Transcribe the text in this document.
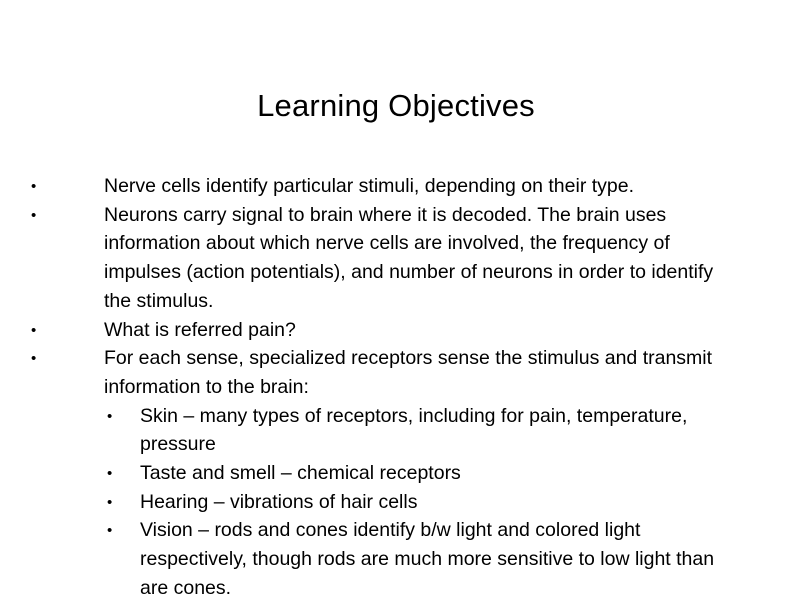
Learning Objectives
•	Nerve cells identify particular stimuli, depending on their type.
•	Neurons carry signal to brain where it is decoded. The brain uses information about which nerve cells are involved, the frequency of impulses (action potentials), and number of neurons in order to identify the stimulus.
•	What is referred pain?
•	For each sense, specialized receptors sense the stimulus and transmit information to the brain:
• Skin – many types of receptors, including for pain, temperature, pressure
• Taste and smell – chemical receptors
• Hearing – vibrations of hair cells
• Vision – rods and cones identify b/w light and colored light respectively, though rods are much more sensitive to low light than are cones.
